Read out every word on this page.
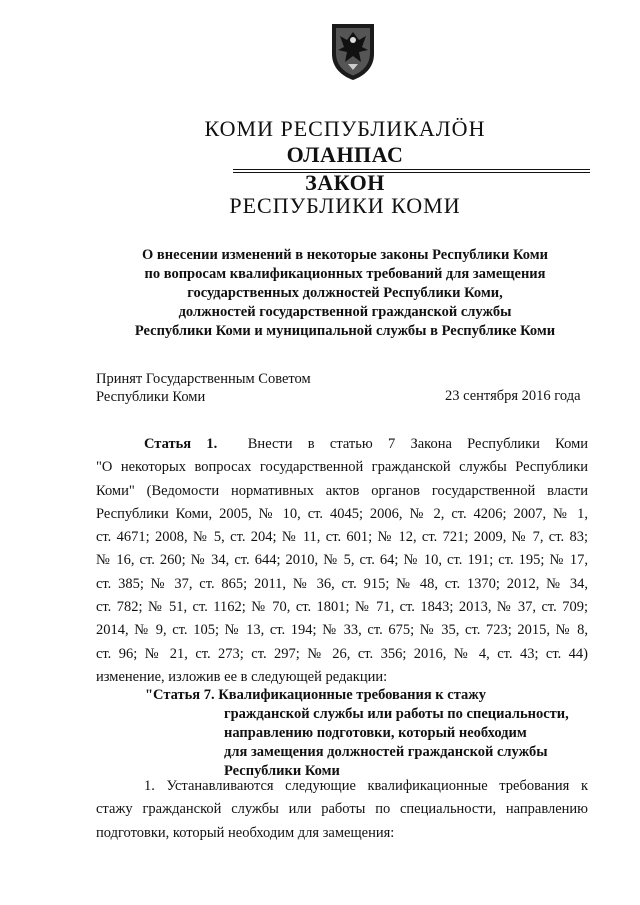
КОМИ РЕСПУБЛИКАЛÖН
ОЛАНПАС
ЗАКОН
РЕСПУБЛИКИ КОМИ
О внесении изменений в некоторые законы Республики Коми
по вопросам квалификационных требований для замещения
государственных должностей Республики Коми,
должностей государственной гражданской службы
Республики Коми и муниципальной службы в Республике Коми
Принят Государственным Советом
Республики Коми	23 сентября 2016 года
Статья 1. Внести в статью 7 Закона Республики Коми
"О некоторых вопросах государственной гражданской службы Республики
Коми" (Ведомости нормативных актов органов государственной власти
Республики Коми, 2005, № 10, ст. 4045; 2006, № 2, ст. 4206; 2007, № 1,
ст. 4671; 2008, № 5, ст. 204; № 11, ст. 601; № 12, ст. 721; 2009, № 7, ст. 83;
№ 16, ст. 260; № 34, ст. 644; 2010, № 5, ст. 64; № 10, ст. 191; ст. 195; № 17,
ст. 385; № 37, ст. 865; 2011, № 36, ст. 915; № 48, ст. 1370; 2012, № 34,
ст. 782; № 51, ст. 1162; № 70, ст. 1801; № 71, ст. 1843; 2013, № 37, ст. 709;
2014, № 9, ст. 105; № 13, ст. 194; № 33, ст. 675; № 35, ст. 723; 2015, № 8,
ст. 96; № 21, ст. 273; ст. 297; № 26, ст. 356; 2016, № 4, ст. 43; ст. 44)
изменение, изложив ее в следующей редакции:
"Статья 7. Квалификационные требования к стажу
гражданской службы или работы по специальности,
направлению подготовки, который необходим
для замещения должностей гражданской службы
Республики Коми
1. Устанавливаются следующие квалификационные требования к
стажу гражданской службы или работы по специальности, направлению
подготовки, который необходим для замещения:
